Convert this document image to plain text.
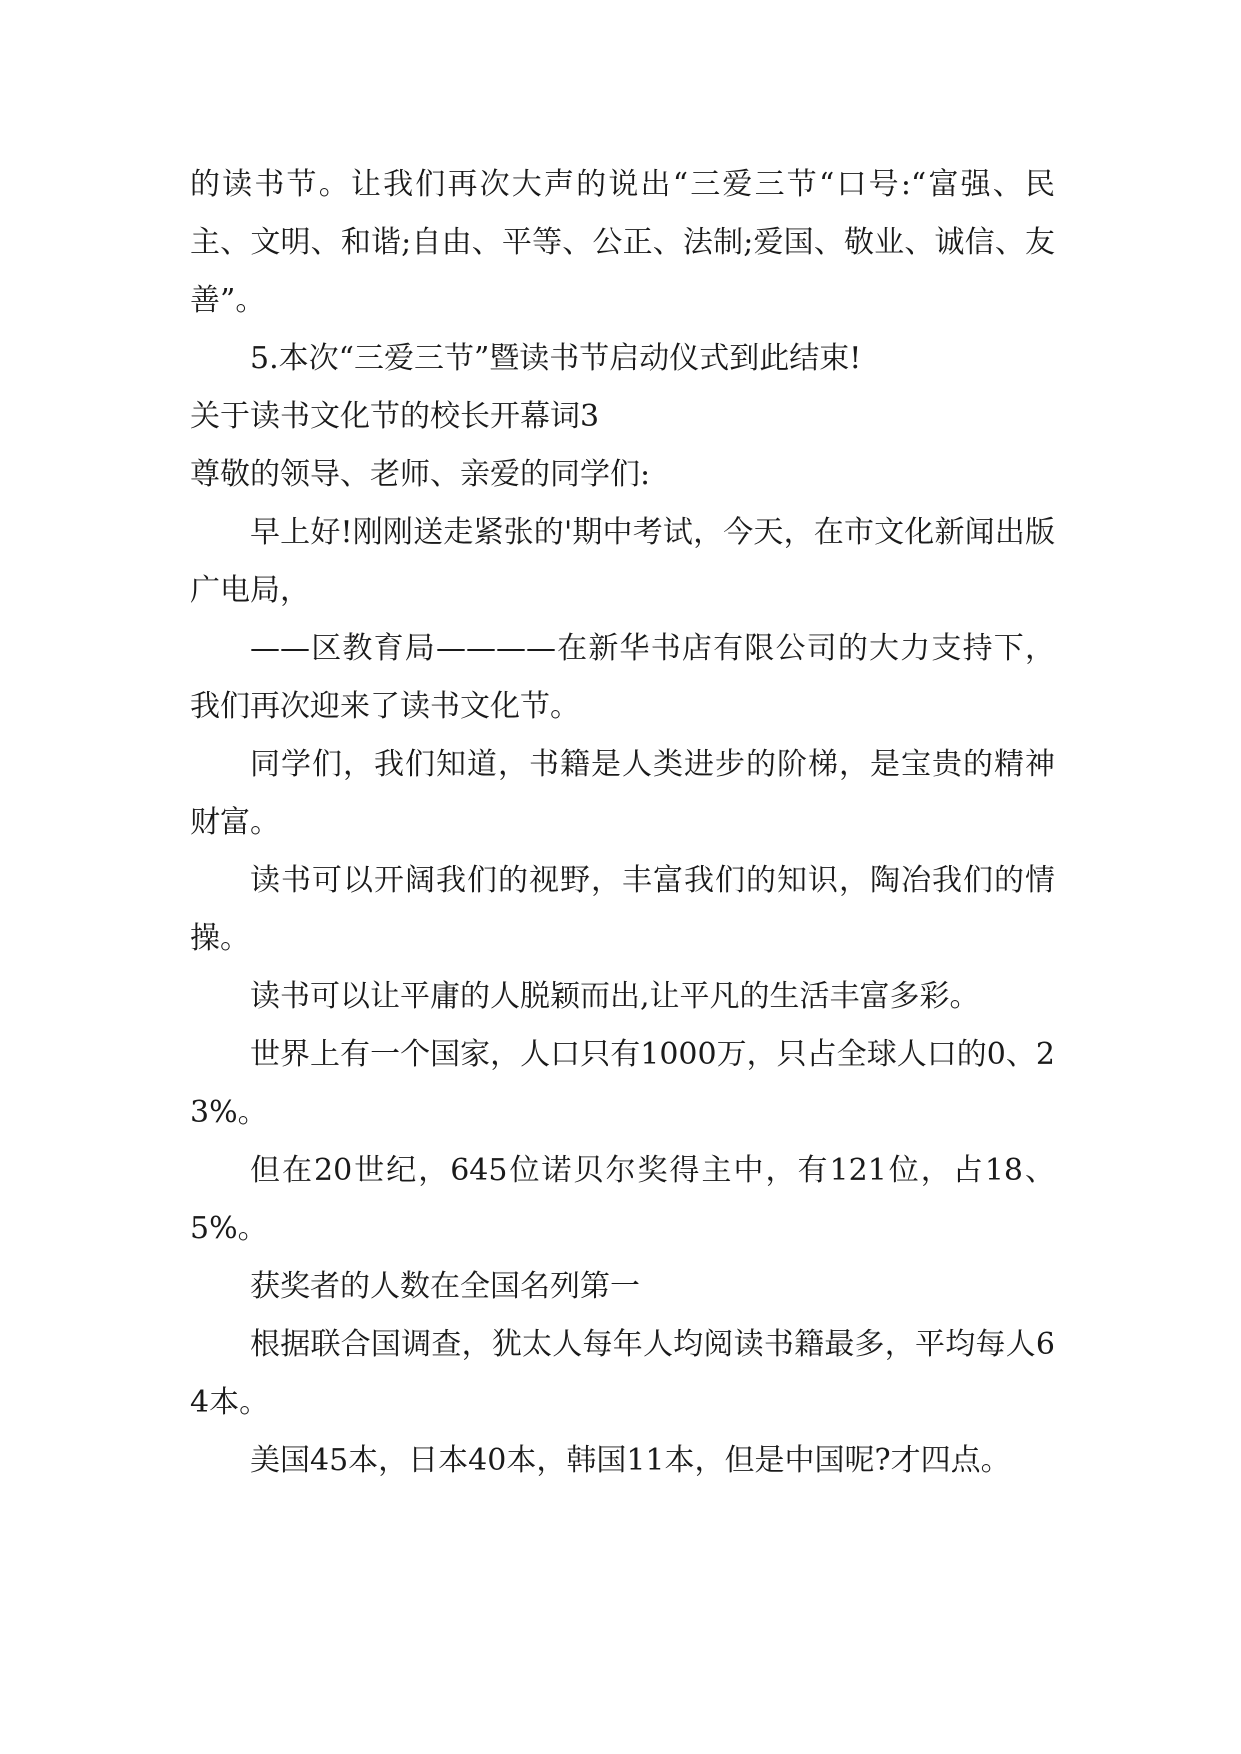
的读书节。让我们再次大声的说出“三爱三节“口号:“富强、民主、文明、和谐;自由、平等、公正、法制;爱国、敬业、诚信、友善”。

5.本次“三爱三节”暨读书节启动仪式到此结束!

关于读书文化节的校长开幕词3

尊敬的领导、老师、亲爱的同学们:

早上好!刚刚送走紧张的'期中考试，今天，在市文化新闻出版广电局，

——区教育局————在新华书店有限公司的大力支持下，我们再次迎来了读书文化节。

同学们，我们知道，书籍是人类进步的阶梯，是宝贵的精神财富。

读书可以开阔我们的视野，丰富我们的知识，陶冶我们的情操。

读书可以让平庸的人脱颖而出,让平凡的生活丰富多彩。

世界上有一个国家，人口只有1000万，只占全球人口的0、23%。

但在20世纪，645位诺贝尔奖得主中，有121位，占18、5%。

获奖者的人数在全国名列第一

根据联合国调查，犹太人每年人均阅读书籍最多，平均每人64本。

美国45本，日本40本，韩国11本，但是中国呢?才四点。
